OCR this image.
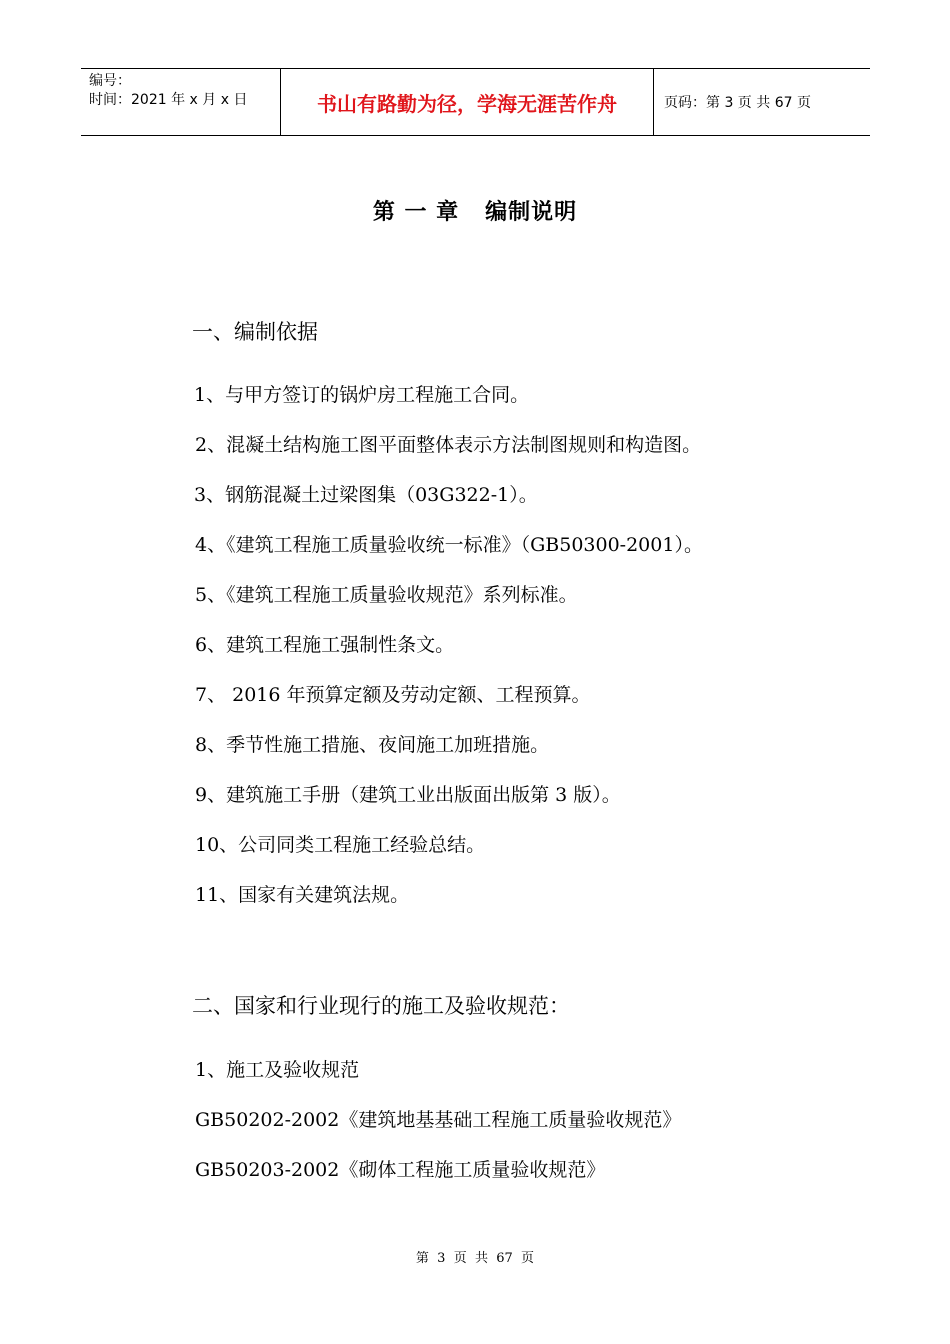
编号：
时间：2021 年 x 月 x 日	书山有路勤为径，学海无涯苦作舟	页码：第 3 页 共 67 页
第 一 章   编制说明
一、编制依据
1、与甲方签订的锅炉房工程施工合同。
2、混凝土结构施工图平面整体表示方法制图规则和构造图。
3、钢筋混凝土过梁图集（03G322-1）。
4、《建筑工程施工质量验收统一标准》（GB50300-2001）。
5、《建筑工程施工质量验收规范》系列标准。
6、建筑工程施工强制性条文。
7、 2016 年预算定额及劳动定额、工程预算。
8、季节性施工措施、夜间施工加班措施。
9、建筑施工手册（建筑工业出版面出版第 3 版）。
10、公司同类工程施工经验总结。
11、国家有关建筑法规。
二、国家和行业现行的施工及验收规范：
1、施工及验收规范
GB50202-2002《建筑地基基础工程施工质量验收规范》
GB50203-2002《砌体工程施工质量验收规范》
第  3  页  共  67  页
